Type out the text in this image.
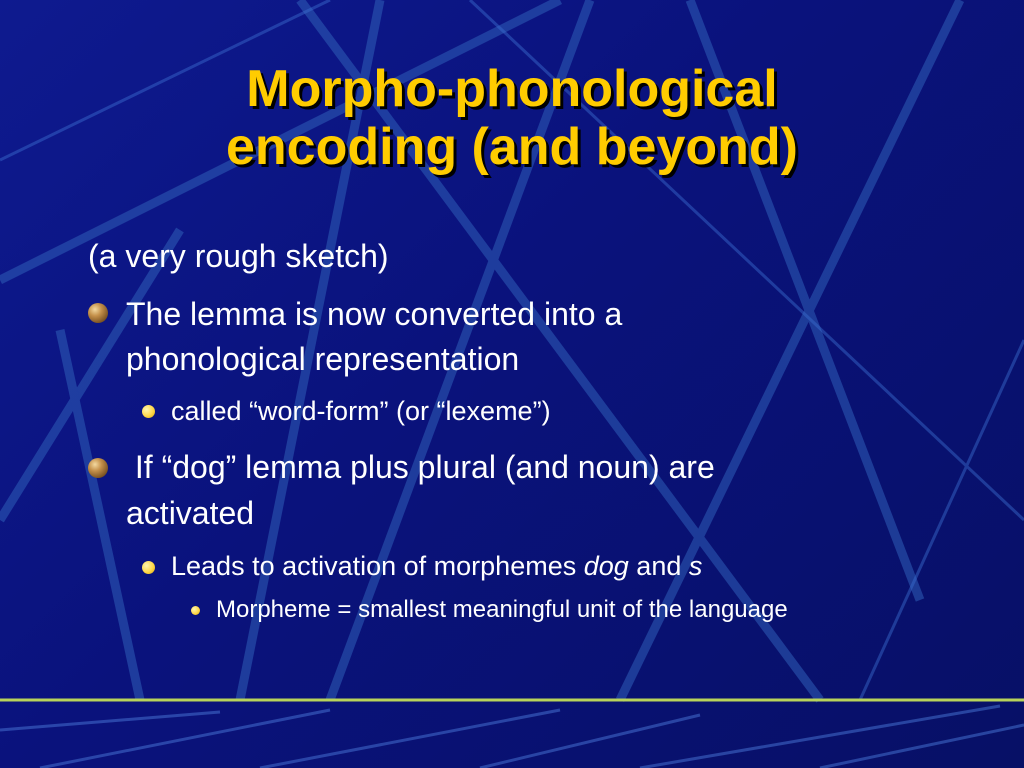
Morpho-phonological
encoding (and beyond)
(a very rough sketch)
The lemma is now converted into a
phonological representation
called “word-form” (or “lexeme”)
If “dog” lemma plus plural (and noun) are
activated
Leads to activation of morphemes dog and s
Morpheme = smallest meaningful unit of the language
